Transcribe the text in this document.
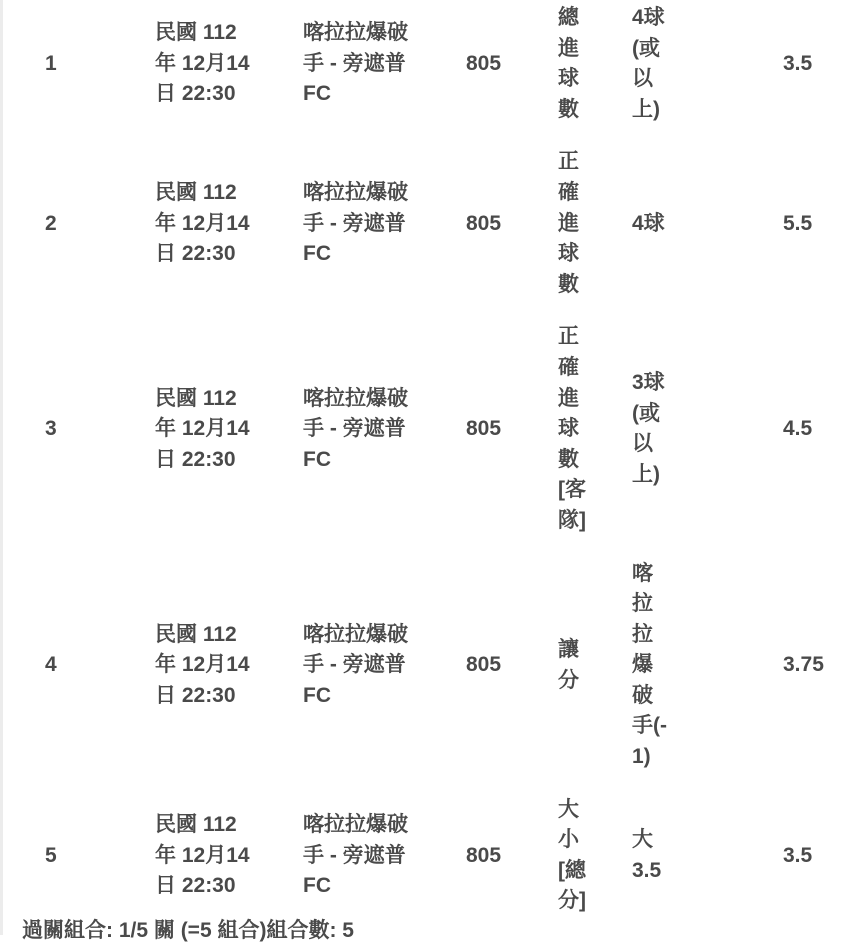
1	民國 112 年 12月14 日 22:30	喀拉拉爆破手 - 旁遮普 FC	805	總進球數	4球(或以上)	3.5
2	民國 112 年 12月14 日 22:30	喀拉拉爆破手 - 旁遮普 FC	805	正確進球數	4球	5.5
3	民國 112 年 12月14 日 22:30	喀拉拉爆破手 - 旁遮普 FC	805	正確進球數[客隊]	3球(或以上)	4.5
4	民國 112 年 12月14 日 22:30	喀拉拉爆破手 - 旁遮普 FC	805	讓分	喀拉拉爆破手(-1)	3.75
5	民國 112 年 12月14 日 22:30	喀拉拉爆破手 - 旁遮普 FC	805	大小[總分]	大 3.5	3.5
過關組合: 1/5 關 (=5 組合)組合數: 5
